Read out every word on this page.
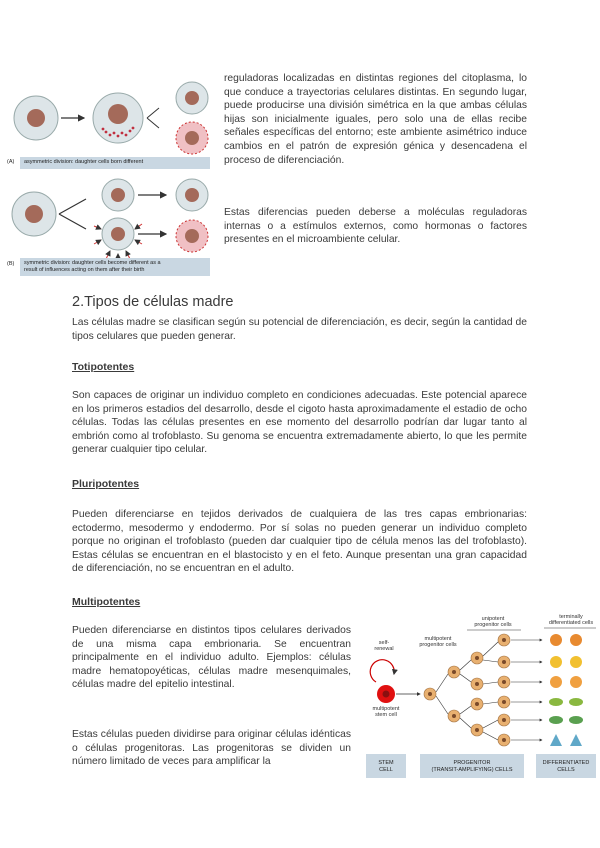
(A)	asymmetric division: daughter cells born different
(B) symmetric division: daughter cells become different as a
result of influences acting on them after their birth
reguladoras localizadas en distintas regiones del citoplasma, lo que conduce a trayectorias celulares distintas. En segundo lugar, puede producirse una división simétrica en la que ambas células hijas son inicialmente iguales, pero solo una de ellas recibe señales específicas del entorno; este ambiente asimétrico induce cambios en el patrón de expresión génica y desencadena el proceso de diferenciación.
Estas diferencias pueden deberse a moléculas reguladoras internas o a estímulos externos, como hormonas o factores presentes en el microambiente celular.
2.Tipos de células madre
Las células madre se clasifican según su potencial de diferenciación, es decir, según la cantidad de tipos celulares que pueden generar.
Totipotentes
Son capaces de originar un individuo completo en condiciones adecuadas. Este potencial aparece en los primeros estadios del desarrollo, desde el cigoto hasta aproximadamente el estadio de ocho células. Todas las células presentes en ese momento del desarrollo podrían dar lugar tanto al embrión como al trofoblasto. Su genoma se encuentra extremadamente abierto, lo que les permite generar cualquier tipo celular.
Pluripotentes
Pueden diferenciarse en tejidos derivados de cualquiera de las tres capas embrionarias: ectodermo, mesodermo y endodermo. Por sí solas no pueden generar un individuo completo porque no originan el trofoblasto (pueden dar cualquier tipo de célula menos las del trofoblasto). Estas células se encuentran en el blastocisto y en el feto. Aunque presentan una gran capacidad de diferenciación, no se encuentran en el adulto.
Multipotentes
Pueden diferenciarse en distintos tipos celulares derivados de una misma capa embrionaria. Se encuentran principalmente en el individuo adulto. Ejemplos: células madre hematopoyéticas, células madre mesenquimales, células madre del epitelio intestinal.
Estas células pueden dividirse para originar células idénticas o células progenitoras. Las progenitoras se dividen un número limitado de veces para amplificar la
unipotent
progenitor cells
terminally
differentiated cells
self-
renewal
multipotent
progenitor cells
multipotent
stem cell
STEM
CELL
PROGENITOR
(TRANSIT-AMPLIFYING) CELLS
DIFFERENTIATED
CELLS
